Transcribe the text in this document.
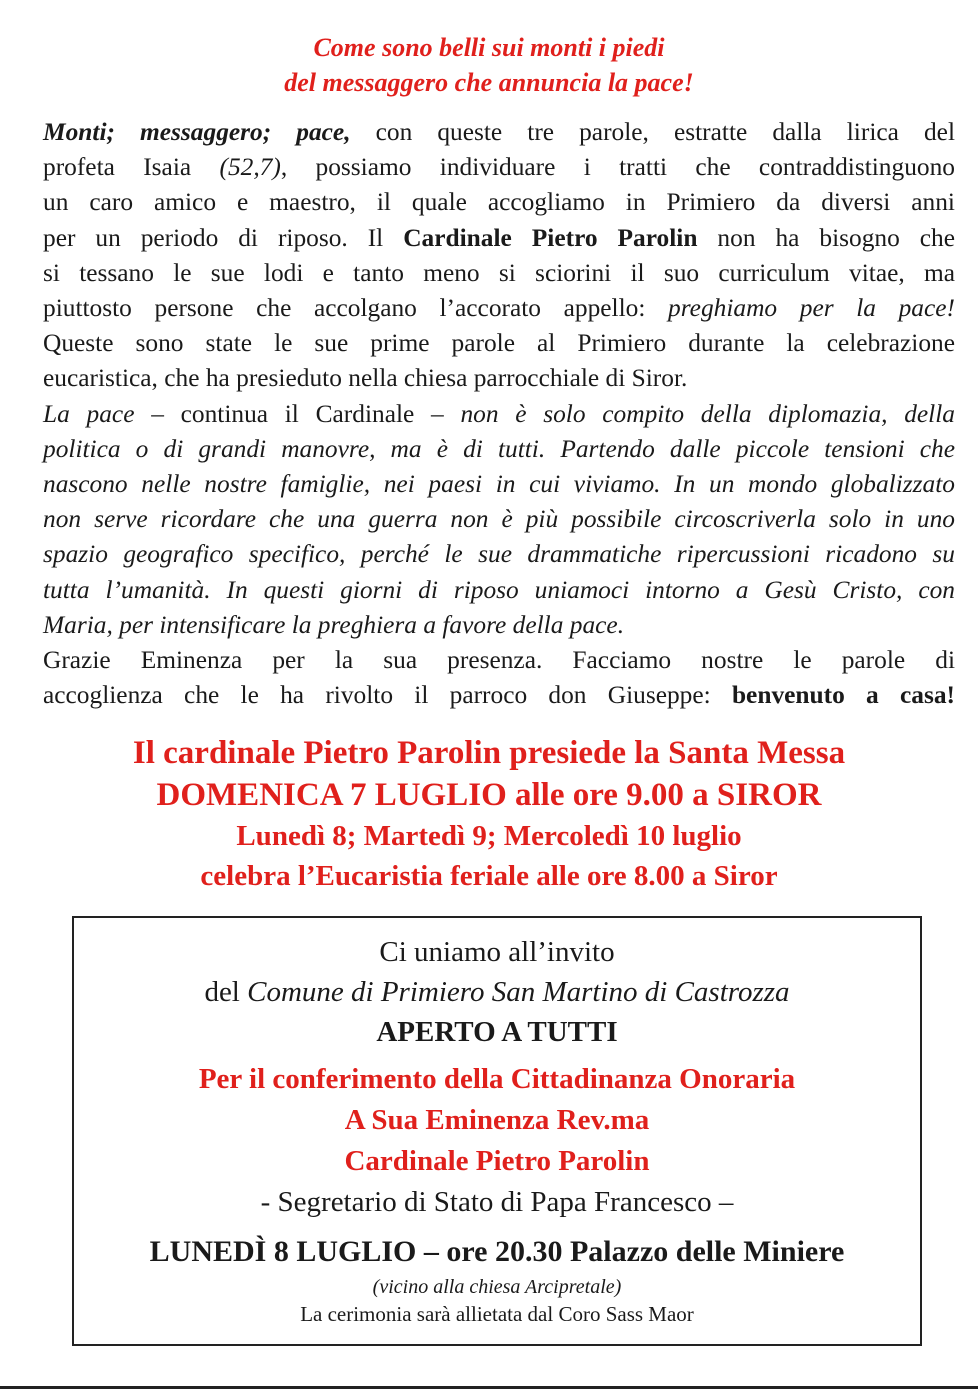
Come sono belli sui monti i piedi
del messaggero che annuncia la pace!
Monti; messaggero; pace, con queste tre parole, estratte dalla lirica del
profeta Isaia (52,7), possiamo individuare i tratti che contraddistinguono
un caro amico e maestro, il quale accogliamo in Primiero da diversi anni
per un periodo di riposo. Il Cardinale Pietro Parolin non ha bisogno che
si tessano le sue lodi e tanto meno si sciorini il suo curriculum vitae, ma
piuttosto persone che accolgano l’accorato appello: preghiamo per la pace!
Queste sono state le sue prime parole al Primiero durante la celebrazione
eucaristica, che ha presieduto nella chiesa parrocchiale di Siror.
La pace – continua il Cardinale – non è solo compito della diplomazia, della
politica o di grandi manovre, ma è di tutti. Partendo dalle piccole tensioni che
nascono nelle nostre famiglie, nei paesi in cui viviamo. In un mondo globalizzato
non serve ricordare che una guerra non è più possibile circoscriverla solo in uno
spazio geografico specifico, perché le sue drammatiche ripercussioni ricadono su
tutta l’umanità. In questi giorni di riposo uniamoci intorno a Gesù Cristo, con
Maria, per intensificare la preghiera a favore della pace.
Grazie Eminenza per la sua presenza. Facciamo nostre le parole di
accoglienza che le ha rivolto il parroco don Giuseppe: benvenuto a casa!
Il cardinale Pietro Parolin presiede la Santa Messa
DOMENICA 7 LUGLIO alle ore 9.00 a SIROR
Lunedì 8; Martedì 9; Mercoledì 10 luglio
celebra l’Eucaristia feriale alle ore 8.00 a Siror
Ci uniamo all’invito
del Comune di Primiero San Martino di Castrozza
APERTO A TUTTI
Per il conferimento della Cittadinanza Onoraria
A Sua Eminenza Rev.ma
Cardinale Pietro Parolin
- Segretario di Stato di Papa Francesco –
LUNEDÌ 8 LUGLIO – ore 20.30 Palazzo delle Miniere
(vicino alla chiesa Arcipretale)
La cerimonia sarà allietata dal Coro Sass Maor
